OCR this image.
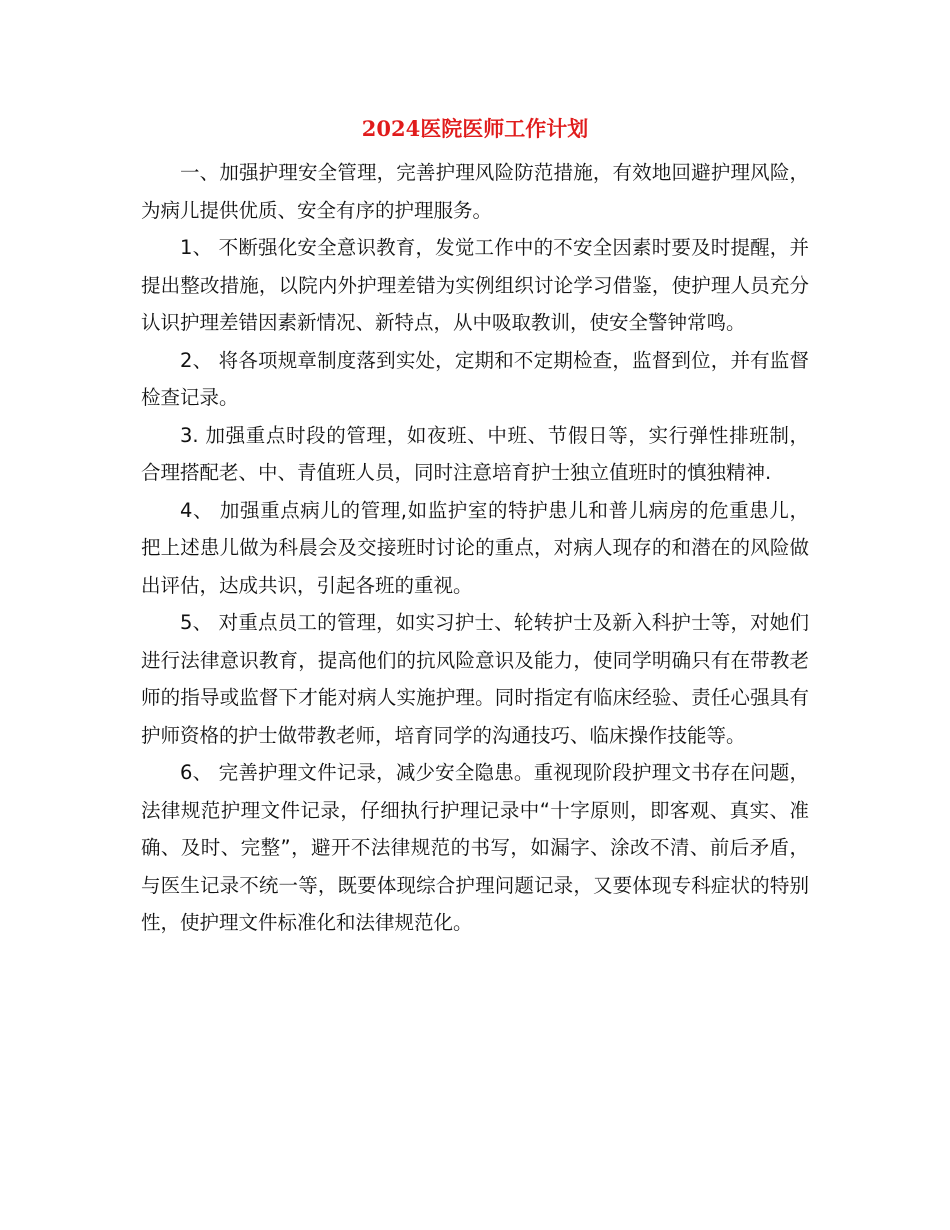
2024医院医师工作计划

一、加强护理安全管理，完善护理风险防范措施，有效地回避护理风险，为病儿提供优质、安全有序的护理服务。

1、 不断强化安全意识教育，发觉工作中的不安全因素时要及时提醒，并提出整改措施，以院内外护理差错为实例组织讨论学习借鉴，使护理人员充分认识护理差错因素新情况、新特点，从中吸取教训，使安全警钟常鸣。

2、 将各项规章制度落到实处，定期和不定期检查，监督到位，并有监督检查记录。

3. 加强重点时段的管理，如夜班、中班、节假日等，实行弹性排班制，合理搭配老、中、青值班人员，同时注意培育护士独立值班时的慎独精神.

4、 加强重点病儿的管理,如监护室的特护患儿和普儿病房的危重患儿，把上述患儿做为科晨会及交接班时讨论的重点，对病人现存的和潜在的风险做出评估，达成共识，引起各班的重视。

5、 对重点员工的管理，如实习护士、轮转护士及新入科护士等，对她们进行法律意识教育，提高他们的抗风险意识及能力，使同学明确只有在带教老师的指导或监督下才能对病人实施护理。同时指定有临床经验、责任心强具有护师资格的护士做带教老师，培育同学的沟通技巧、临床操作技能等。

6、 完善护理文件记录，减少安全隐患。重视现阶段护理文书存在问题，法律规范护理文件记录，仔细执行护理记录中“十字原则，即客观、真实、准确、及时、完整”，避开不法律规范的书写，如漏字、涂改不清、前后矛盾，与医生记录不统一等，既要体现综合护理问题记录，又要体现专科症状的特别性，使护理文件标准化和法律规范化。
